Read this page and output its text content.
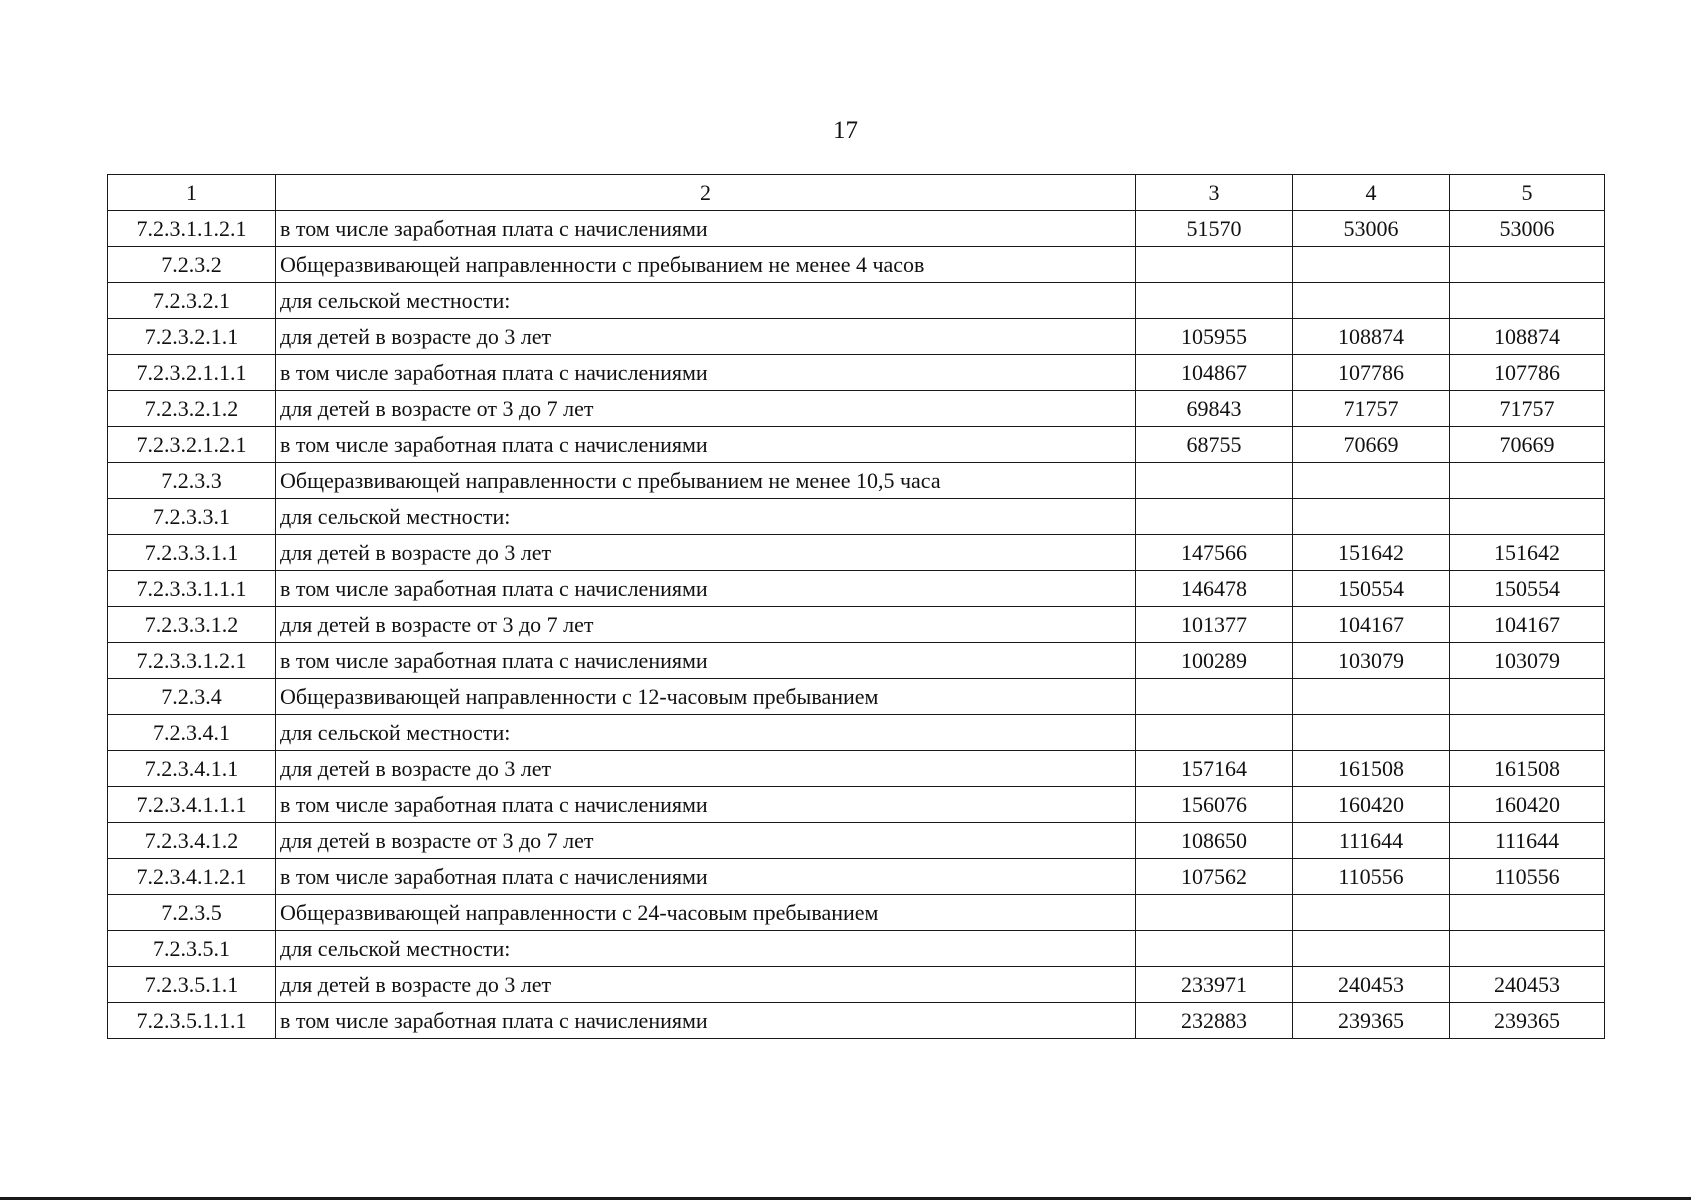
17
1	2	3	4	5
7.2.3.1.1.2.1	в том числе заработная плата с начислениями	51570	53006	53006
7.2.3.2	Общеразвивающей направленности с пребыванием не менее 4 часов			
7.2.3.2.1	для сельской местности:			
7.2.3.2.1.1	для детей в возрасте до 3 лет	105955	108874	108874
7.2.3.2.1.1.1	в том числе заработная плата с начислениями	104867	107786	107786
7.2.3.2.1.2	для детей в возрасте от 3 до 7 лет	69843	71757	71757
7.2.3.2.1.2.1	в том числе заработная плата с начислениями	68755	70669	70669
7.2.3.3	Общеразвивающей направленности с пребыванием не менее 10,5 часа			
7.2.3.3.1	для сельской местности:			
7.2.3.3.1.1	для детей в возрасте до 3 лет	147566	151642	151642
7.2.3.3.1.1.1	в том числе заработная плата с начислениями	146478	150554	150554
7.2.3.3.1.2	для детей в возрасте от 3 до 7 лет	101377	104167	104167
7.2.3.3.1.2.1	в том числе заработная плата с начислениями	100289	103079	103079
7.2.3.4	Общеразвивающей направленности с 12-часовым пребыванием			
7.2.3.4.1	для сельской местности:			
7.2.3.4.1.1	для детей в возрасте до 3 лет	157164	161508	161508
7.2.3.4.1.1.1	в том числе заработная плата с начислениями	156076	160420	160420
7.2.3.4.1.2	для детей в возрасте от 3 до 7 лет	108650	111644	111644
7.2.3.4.1.2.1	в том числе заработная плата с начислениями	107562	110556	110556
7.2.3.5	Общеразвивающей направленности с 24-часовым пребыванием			
7.2.3.5.1	для сельской местности:			
7.2.3.5.1.1	для детей в возрасте до 3 лет	233971	240453	240453
7.2.3.5.1.1.1	в том числе заработная плата с начислениями	232883	239365	239365
